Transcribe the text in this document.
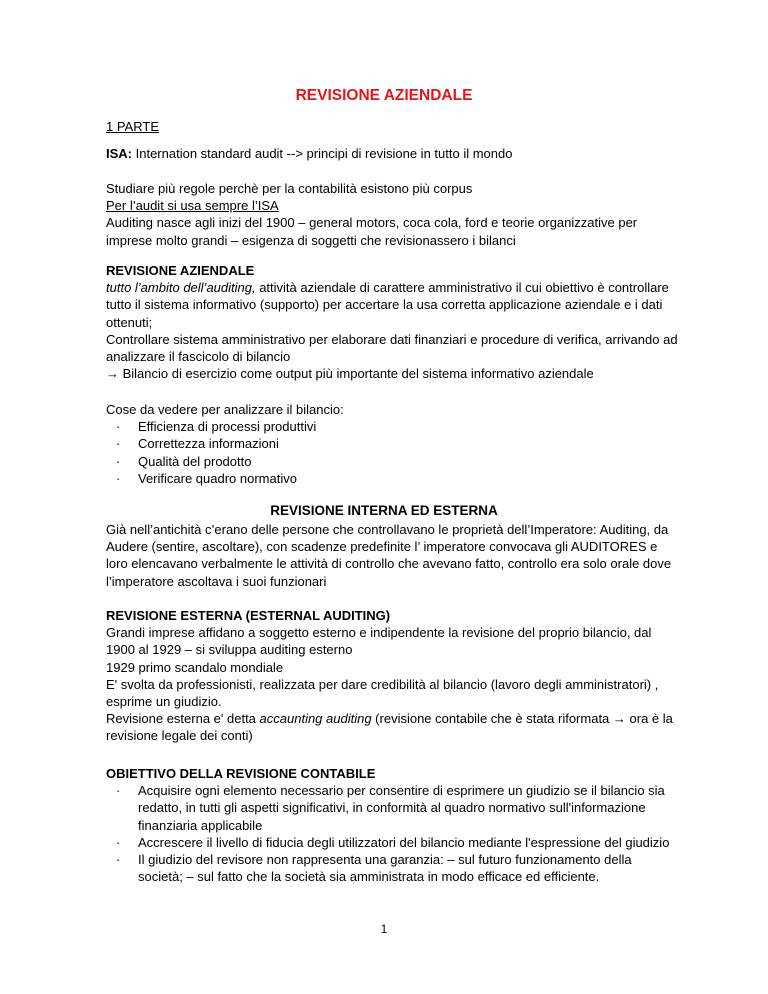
REVISIONE AZIENDALE

1 PARTE

ISA: Internation standard audit --> principi di revisione in tutto il mondo

Studiare più regole perchè per la contabilità esistono più corpus

Per l’audit si usa sempre l’ISA

Auditing nasce agli inizi del 1900 – general motors, coca cola, ford e teorie organizzative per imprese molto grandi – esigenza di soggetti che revisionassero i bilanci

REVISIONE AZIENDALE

tutto l’ambito dell’auditing, attività aziendale di carattere amministrativo il cui obiettivo è controllare tutto il sistema informativo (supporto) per accertare la usa corretta applicazione aziendale e i dati ottenuti;

Controllare sistema amministrativo per elaborare dati finanziari e procedure di verifica, arrivando ad analizzare il fascicolo di bilancio

→ Bilancio di esercizio come output più importante del sistema informativo aziendale

Cose da vedere per analizzare il bilancio:

· Efficienza di processi produttivi
· Correttezza informazioni
· Qualità del prodotto
· Verificare quadro normativo
REVISIONE INTERNA ED ESTERNA

Già nell’antichità c’erano delle persone che controllavano le proprietà dell’Imperatore: Auditing, da Audere (sentire, ascoltare), con scadenze predefinite l’ imperatore convocava gli AUDITORES e loro elencavano verbalmente le attività di controllo che avevano fatto, controllo era solo orale dove l’imperatore ascoltava i suoi funzionari

REVISIONE ESTERNA (ESTERNAL AUDITING)

Grandi imprese affidano a soggetto esterno e indipendente la revisione del proprio bilancio, dal 1900 al 1929 – si sviluppa auditing esterno

1929 primo scandalo mondiale

E' svolta da professionisti, realizzata per dare credibilità al bilancio (lavoro degli amministratori) , esprime un giudizio.

Revisione esterna e' detta accaunting auditing (revisione contabile che è stata riformata → ora è la revisione legale dei conti)

OBIETTIVO DELLA REVISIONE CONTABILE

· Acquisire ogni elemento necessario per consentire di esprimere un giudizio se il bilancio sia redatto, in tutti gli aspetti significativi, in conformità al quadro normativo sull'informazione finanziaria applicabile
· Accrescere il livello di fiducia degli utilizzatori del bilancio mediante l'espressione del giudizio
· Il giudizio del revisore non rappresenta una garanzia: – sul futuro funzionamento della società; – sul fatto che la società sia amministrata in modo efficace ed efficiente.
1
